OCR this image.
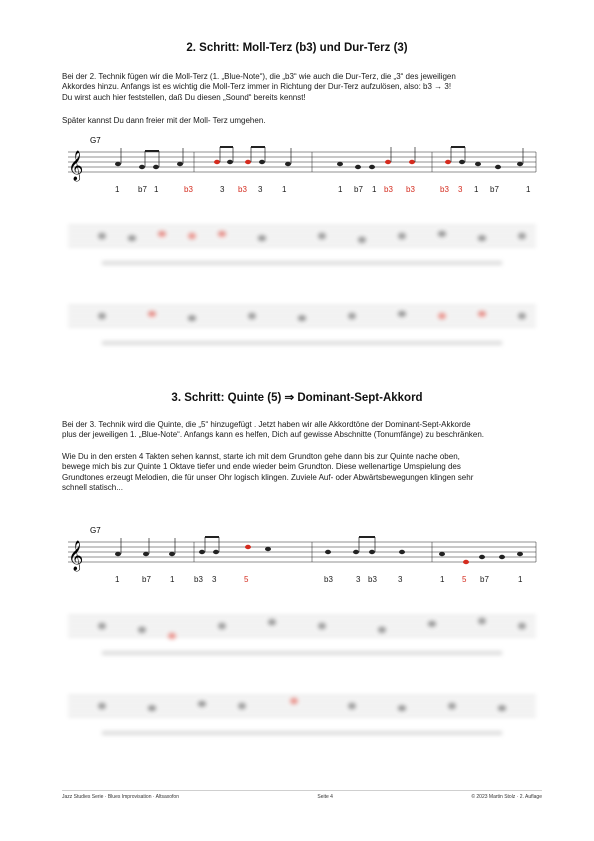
2. Schritt: Moll-Terz (b3) und Dur-Terz (3)
Bei der 2. Technik fügen wir die Moll-Terz (1. „Blue-Note“), die „b3“ wie auch die Dur-Terz, die „3“ des jeweiligen
Akkordes hinzu. Anfangs ist es wichtig die Moll-Terz immer in Richtung der Dur-Terz aufzulösen, also: b3 → 3!
Du wirst auch hier feststellen, daß Du diesen „Sound“ bereits kennst!
Später kannst Du dann freier mit der Moll- Terz umgehen.
G7
𝄞
1 b7 1	b3	3 b3 3 1	1 b7 1 b3 b3	b3 3 1 b7	1
3. Schritt: Quinte (5) ⇒ Dominant-Sept-Akkord
Bei der 3. Technik wird die Quinte, die „5“ hinzugefügt . Jetzt haben wir alle Akkordtöne der Dominant-Sept-Akkorde
plus der jeweiligen 1. „Blue-Note“. Anfangs kann es helfen, Dich auf gewisse Abschnitte (Tonumfänge) zu beschränken.
Wie Du in den ersten 4 Takten sehen kannst, starte ich mit dem Grundton gehe dann bis zur Quinte nache oben,
bewege mich bis zur Quinte 1 Oktave tiefer und ende wieder beim Grundton. Diese wellenartige Umspielung des
Grundtones erzeugt Melodien, die für unser Ohr logisch klingen. Zuviele Auf- oder Abwärtsbewegungen klingen sehr
schnell statisch...
G7
𝄞
1	b7 1 b3 3	5	b3	3 b3	3	1 5 b7	1
Jazz Studies Serie · Blues Improvisation · Altsaxofon	Seite 4	© 2023 Martin Stolz · 2. Auflage
